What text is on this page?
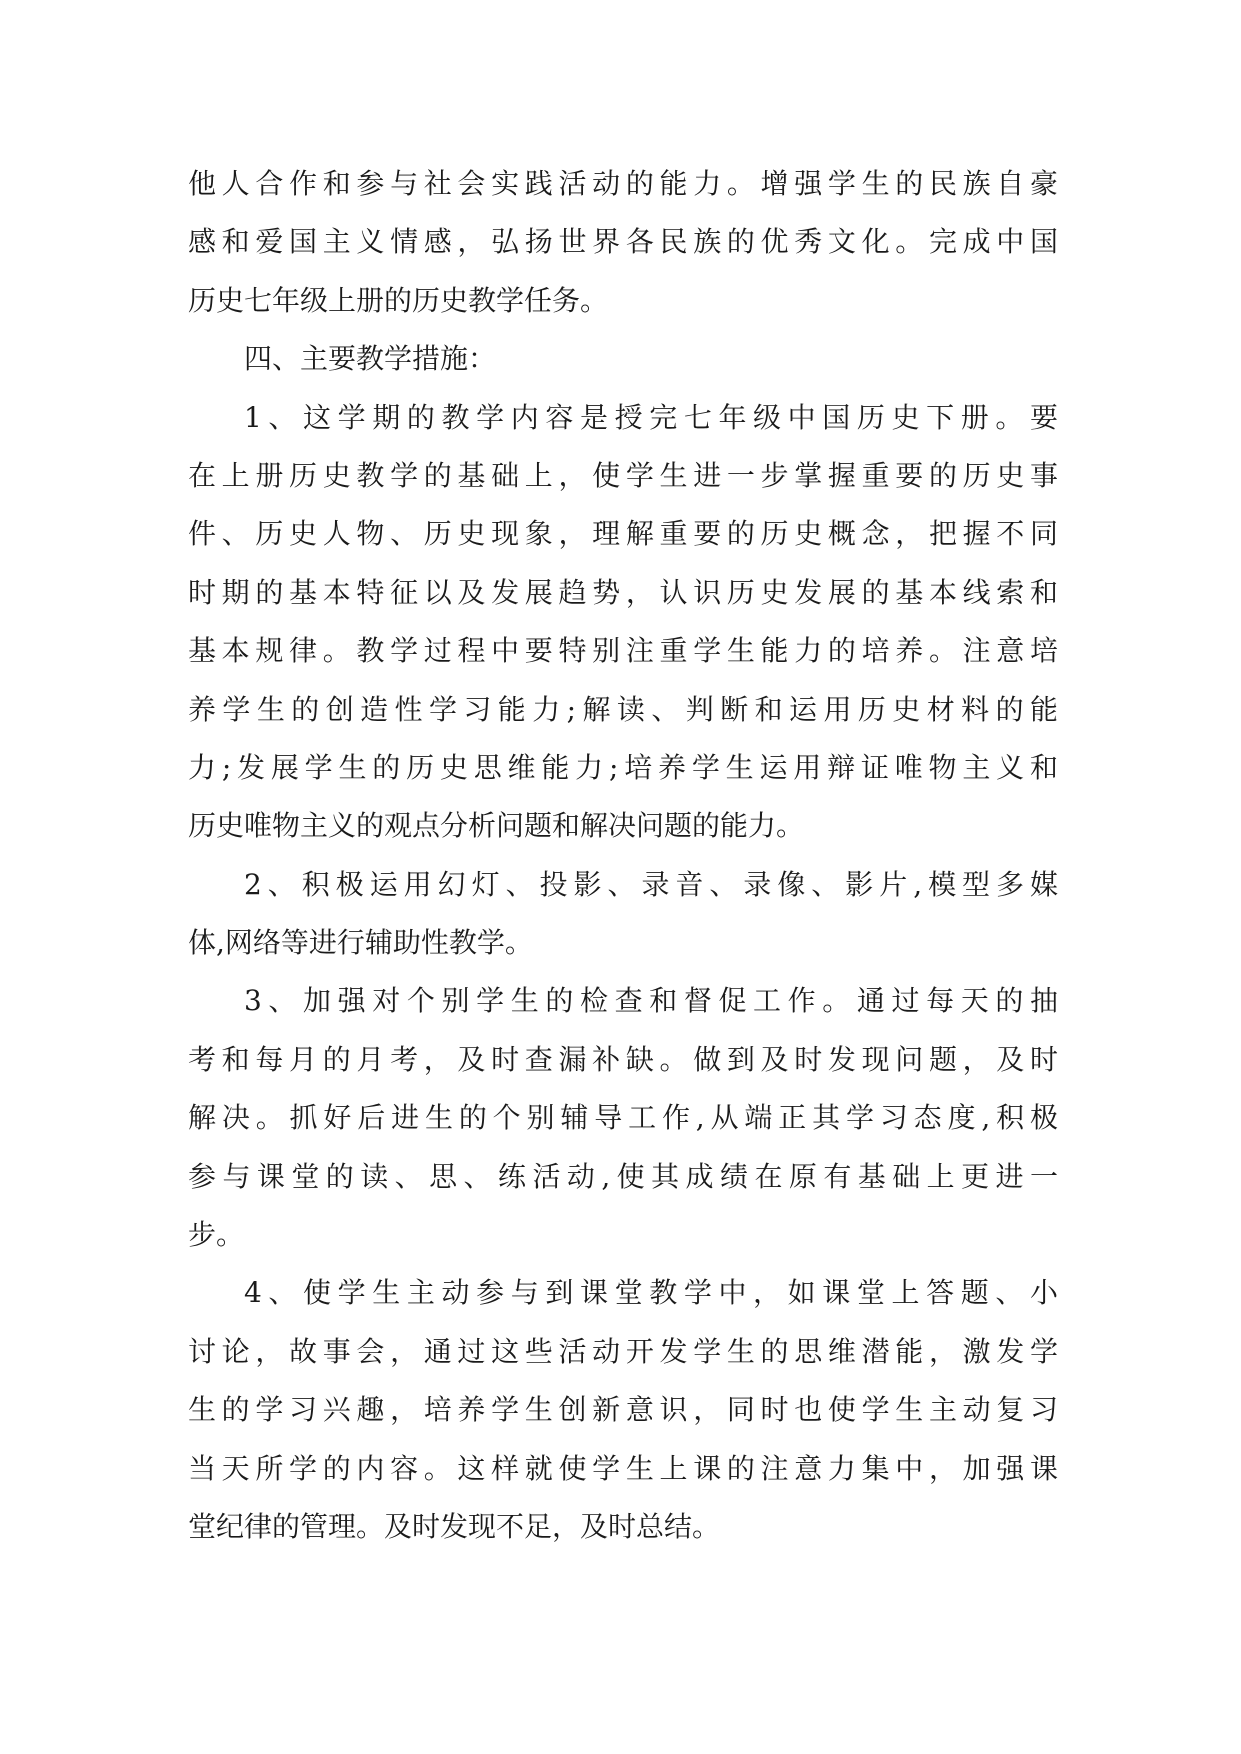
他人合作和参与社会实践活动的能力。增强学生的民族自豪
感和爱国主义情感，弘扬世界各民族的优秀文化。完成中国
历史七年级上册的历史教学任务。
四、主要教学措施：
1、这学期的教学内容是授完七年级中国历史下册。要
在上册历史教学的基础上，使学生进一步掌握重要的历史事
件、历史人物、历史现象，理解重要的历史概念，把握不同
时期的基本特征以及发展趋势，认识历史发展的基本线索和
基本规律。教学过程中要特别注重学生能力的培养。注意培
养学生的创造性学习能力;解读、判断和运用历史材料的能
力;发展学生的历史思维能力;培养学生运用辩证唯物主义和
历史唯物主义的观点分析问题和解决问题的能力。
2、积极运用幻灯、投影、录音、录像、影片,模型多媒
体,网络等进行辅助性教学。
3、加强对个别学生的检查和督促工作。通过每天的抽
考和每月的月考，及时查漏补缺。做到及时发现问题，及时
解决。抓好后进生的个别辅导工作,从端正其学习态度,积极
参与课堂的读、思、练活动,使其成绩在原有基础上更进一
步。
4、使学生主动参与到课堂教学中，如课堂上答题、小
讨论，故事会，通过这些活动开发学生的思维潜能，激发学
生的学习兴趣，培养学生创新意识，同时也使学生主动复习
当天所学的内容。这样就使学生上课的注意力集中，加强课
堂纪律的管理。及时发现不足，及时总结。
